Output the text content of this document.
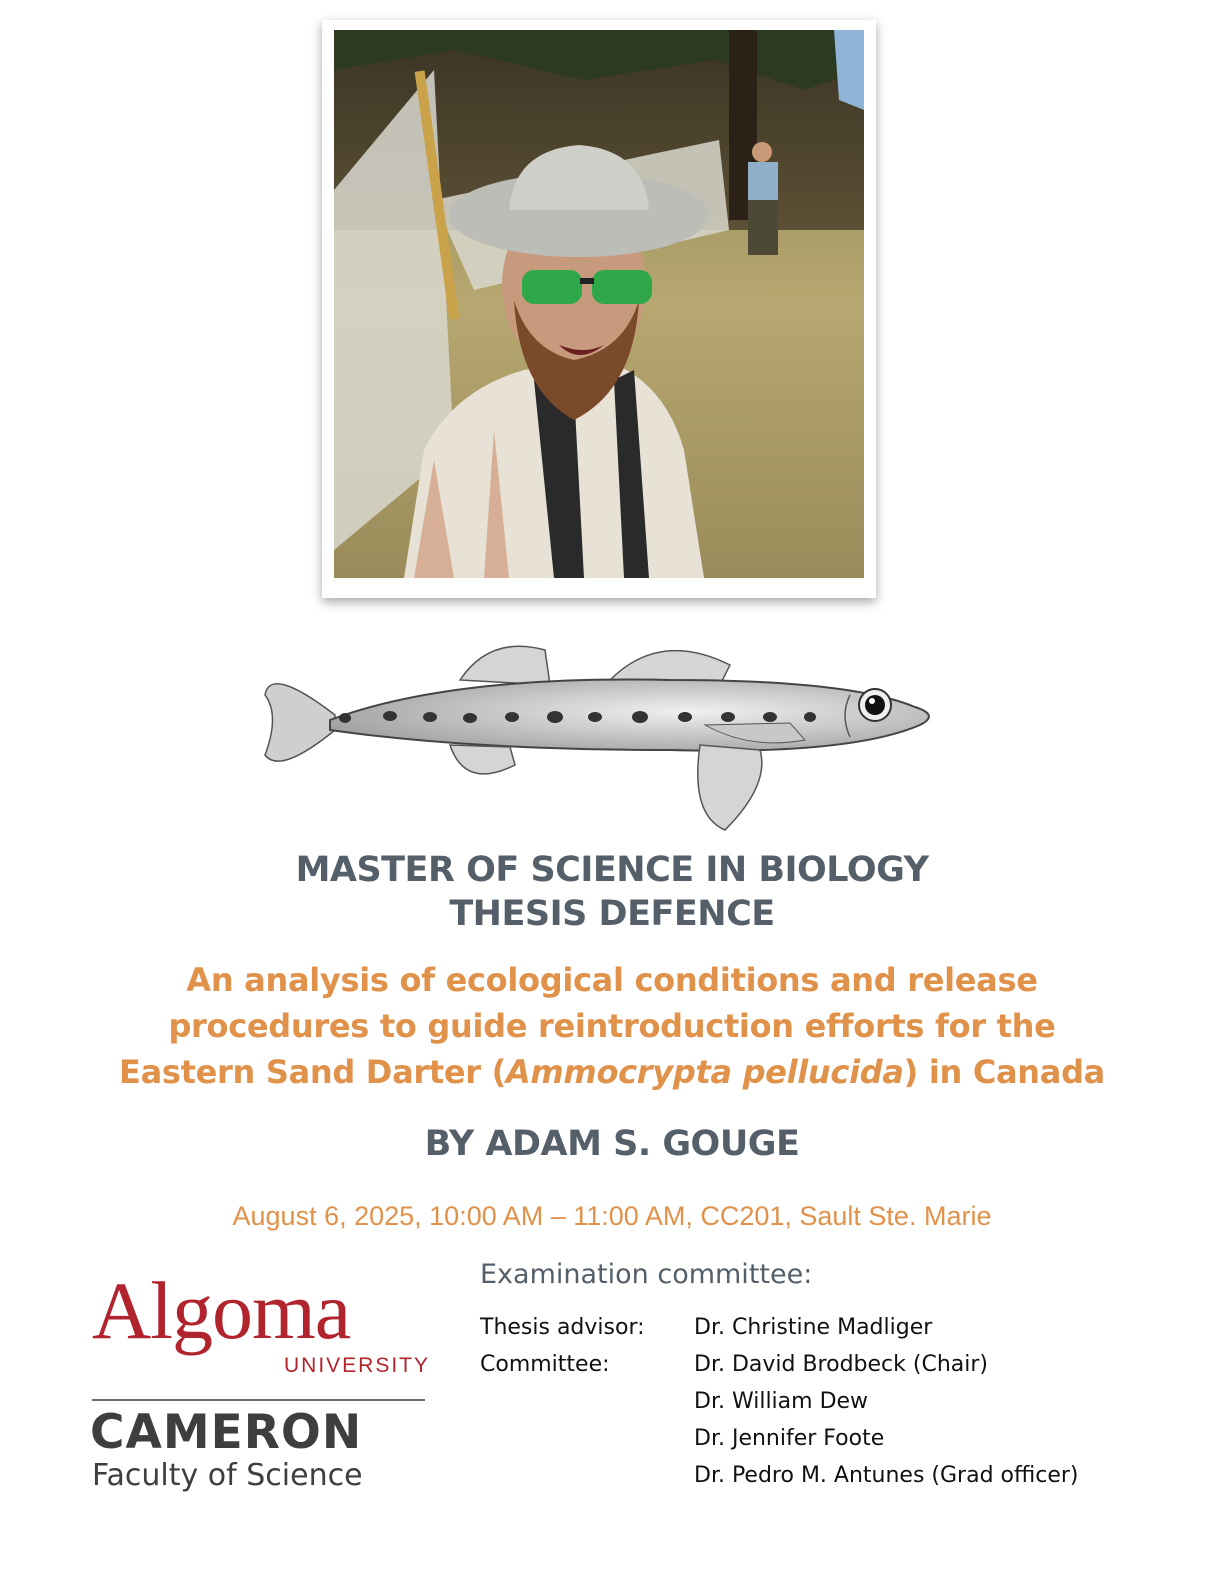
MASTER OF SCIENCE IN BIOLOGY
THESIS DEFENCE
An analysis of ecological conditions and release
procedures to guide reintroduction efforts for the
Eastern Sand Darter (Ammocrypta pellucida) in Canada
BY ADAM S. GOUGE
August 6, 2025, 10:00 AM – 11:00 AM, CC201, Sault Ste. Marie
Algoma
UNIVERSITY
CAMERON
Faculty of Science
Examination committee:
Thesis advisor: Dr. Christine Madliger
Committee:	Dr. David Brodbeck (Chair)
Dr. William Dew
Dr. Jennifer Foote
Dr. Pedro M. Antunes (Grad officer)
